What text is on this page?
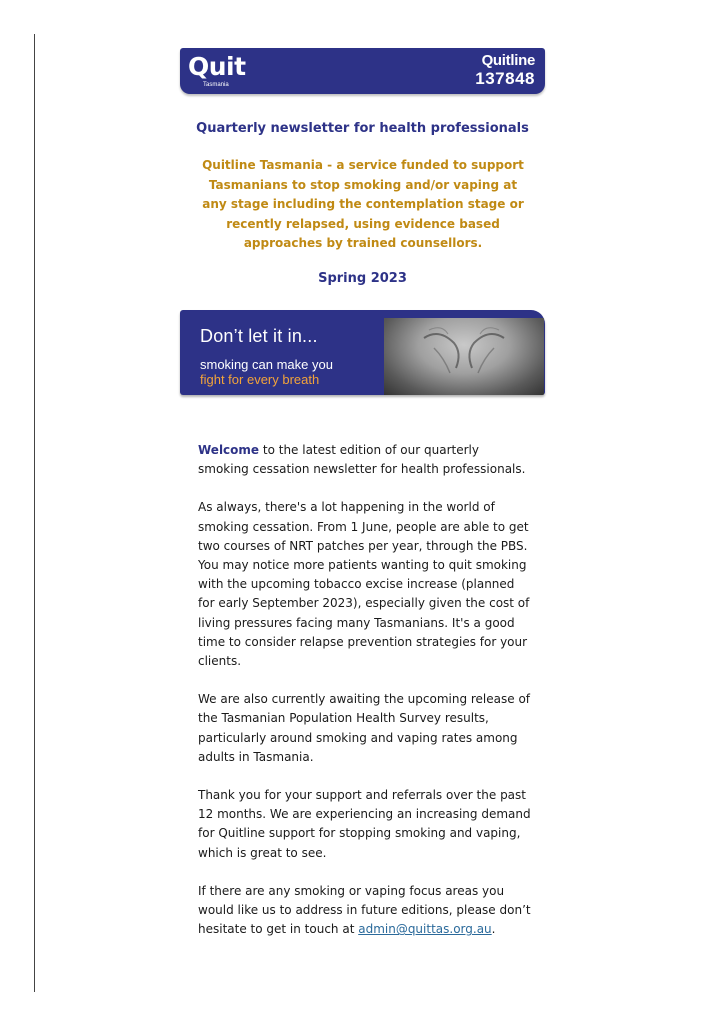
Quit
Tasmania
Quitline
137848
Quarterly newsletter for health professionals
Quitline Tasmania - a service funded to support Tasmanians to stop smoking and/or vaping at any stage including the contemplation stage or recently relapsed, using evidence based approaches by trained counsellors.
Spring 2023
Don’t let it in...
smoking can make you
fight for every breath

Welcome to the latest edition of our quarterly smoking cessation newsletter for health professionals.

As always, there's a lot happening in the world of smoking cessation. From 1 June, people are able to get two courses of NRT patches per year, through the PBS. You may notice more patients wanting to quit smoking with the upcoming tobacco excise increase (planned for early September 2023), especially given the cost of living pressures facing many Tasmanians. It's a good time to consider relapse prevention strategies for your clients.

We are also currently awaiting the upcoming release of the Tasmanian Population Health Survey results, particularly around smoking and vaping rates among adults in Tasmania.

Thank you for your support and referrals over the past 12 months. We are experiencing an increasing demand for Quitline support for stopping smoking and vaping, which is great to see.

If there are any smoking or vaping focus areas you would like us to address in future editions, please don’t hesitate to get in touch at admin@quittas.org.au.
